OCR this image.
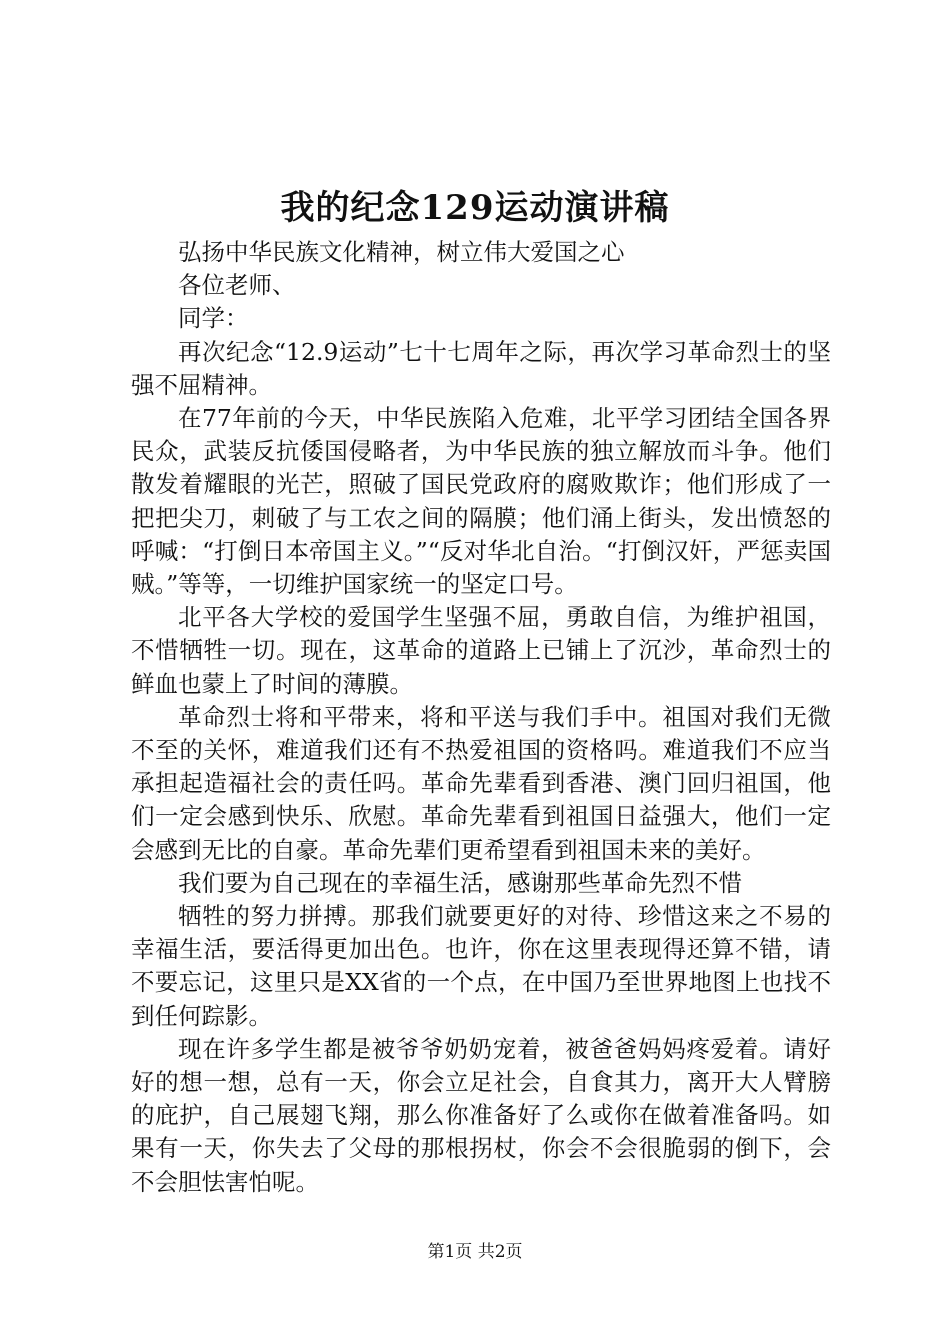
我的纪念129运动演讲稿

弘扬中华民族文化精神，树立伟大爱国之心

各位老师、

同学：

再次纪念“12.9运动”七十七周年之际，再次学习革命烈士的坚强不屈精神。

在77年前的今天，中华民族陷入危难，北平学习团结全国各界民众，武装反抗倭国侵略者，为中华民族的独立解放而斗争。他们散发着耀眼的光芒，照破了国民党政府的腐败欺诈；他们形成了一把把尖刀，刺破了与工农之间的隔膜；他们涌上街头，发出愤怒的呼喊：“打倒日本帝国主义。”“反对华北自治。“打倒汉奸，严惩卖国贼。”等等，一切维护国家统一的坚定口号。

北平各大学校的爱国学生坚强不屈，勇敢自信，为维护祖国，不惜牺牲一切。现在，这革命的道路上已铺上了沉沙，革命烈士的鲜血也蒙上了时间的薄膜。

革命烈士将和平带来，将和平送与我们手中。祖国对我们无微不至的关怀，难道我们还有不热爱祖国的资格吗。难道我们不应当承担起造福社会的责任吗。革命先辈看到香港、澳门回归祖国，他们一定会感到快乐、欣慰。革命先辈看到祖国日益强大，他们一定会感到无比的自豪。革命先辈们更希望看到祖国未来的美好。

我们要为自己现在的幸福生活，感谢那些革命先烈不惜

牺牲的努力拼搏。那我们就要更好的对待、珍惜这来之不易的幸福生活，要活得更加出色。也许，你在这里表现得还算不错，请不要忘记，这里只是XX省的一个点，在中国乃至世界地图上也找不到任何踪影。

现在许多学生都是被爷爷奶奶宠着，被爸爸妈妈疼爱着。请好好的想一想，总有一天，你会立足社会，自食其力，离开大人臂膀的庇护，自己展翅飞翔，那么你准备好了么或你在做着准备吗。如果有一天，你失去了父母的那根拐杖，你会不会很脆弱的倒下，会不会胆怯害怕呢。

第1页 共2页
